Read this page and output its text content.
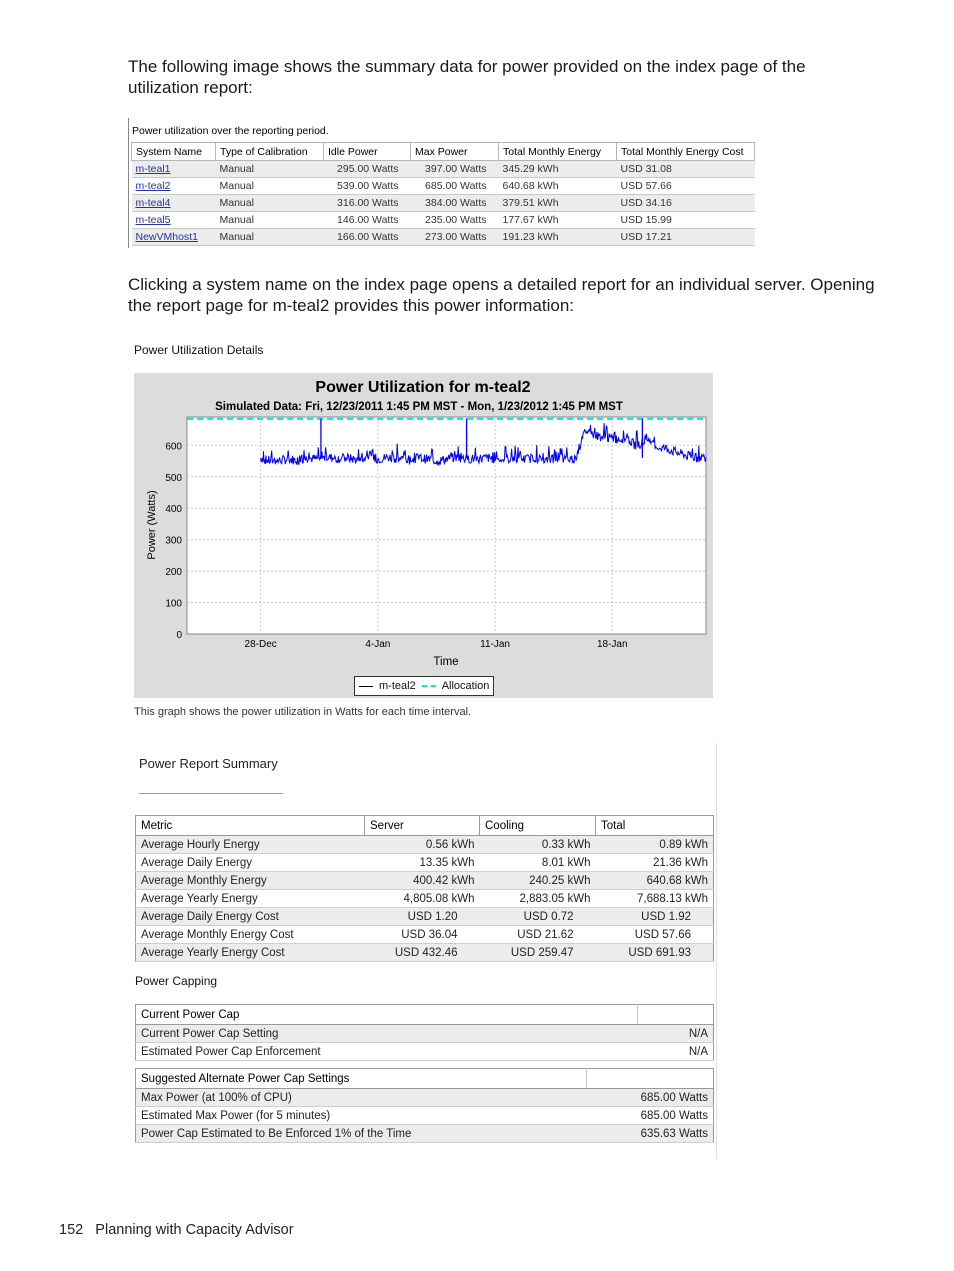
The following image shows the summary data for power provided on the index page of the utilization report:
Power utilization over the reporting period.
System Name	Type of Calibration	Idle Power	Max Power	Total Monthly Energy	Total Monthly Energy Cost
m-teal1	Manual	295.00 Watts	397.00 Watts	345.29 kWh	USD 31.08
m-teal2	Manual	539.00 Watts	685.00 Watts	640.68 kWh	USD 57.66
m-teal4	Manual	316.00 Watts	384.00 Watts	379.51 kWh	USD 34.16
m-teal5	Manual	146.00 Watts	235.00 Watts	177.67 kWh	USD 15.99
NewVMhost1	Manual	166.00 Watts	273.00 Watts	191.23 kWh	USD 17.21
Clicking a system name on the index page opens a detailed report for an individual server. Opening the report page for m-teal2 provides this power information:
Power Utilization Details
Power Utilization for m-teal2
Simulated Data: Fri, 12/23/2011 1:45 PM MST - Mon, 1/23/2012 1:45 PM MST
0
100
200
300
400
500
600
28-Dec	4-Jan	11-Jan	18-Jan
Time
Power (Watts)
m-teal2 Allocation
This graph shows the power utilization in Watts for each time interval.
Power Report Summary
Metric	Server	Cooling	Total
Average Hourly Energy	0.56 kWh	0.33 kWh	0.89 kWh
Average Daily Energy	13.35 kWh	8.01 kWh	21.36 kWh
Average Monthly Energy	400.42 kWh	240.25 kWh	640.68 kWh
Average Yearly Energy	4,805.08 kWh	2,883.05 kWh	7,688.13 kWh
Average Daily Energy Cost	USD 1.20	USD 0.72	USD 1.92
Average Monthly Energy Cost	USD 36.04	USD 21.62	USD 57.66
Average Yearly Energy Cost	USD 432.46	USD 259.47	USD 691.93
Power Capping
Current Power Cap	
Current Power Cap Setting	N/A
Estimated Power Cap Enforcement	N/A
Suggested Alternate Power Cap Settings	
Max Power (at 100% of CPU)	685.00 Watts
Estimated Max Power (for 5 minutes)	685.00 Watts
Power Cap Estimated to Be Enforced 1% of the Time	635.63 Watts
152 Planning with Capacity Advisor
